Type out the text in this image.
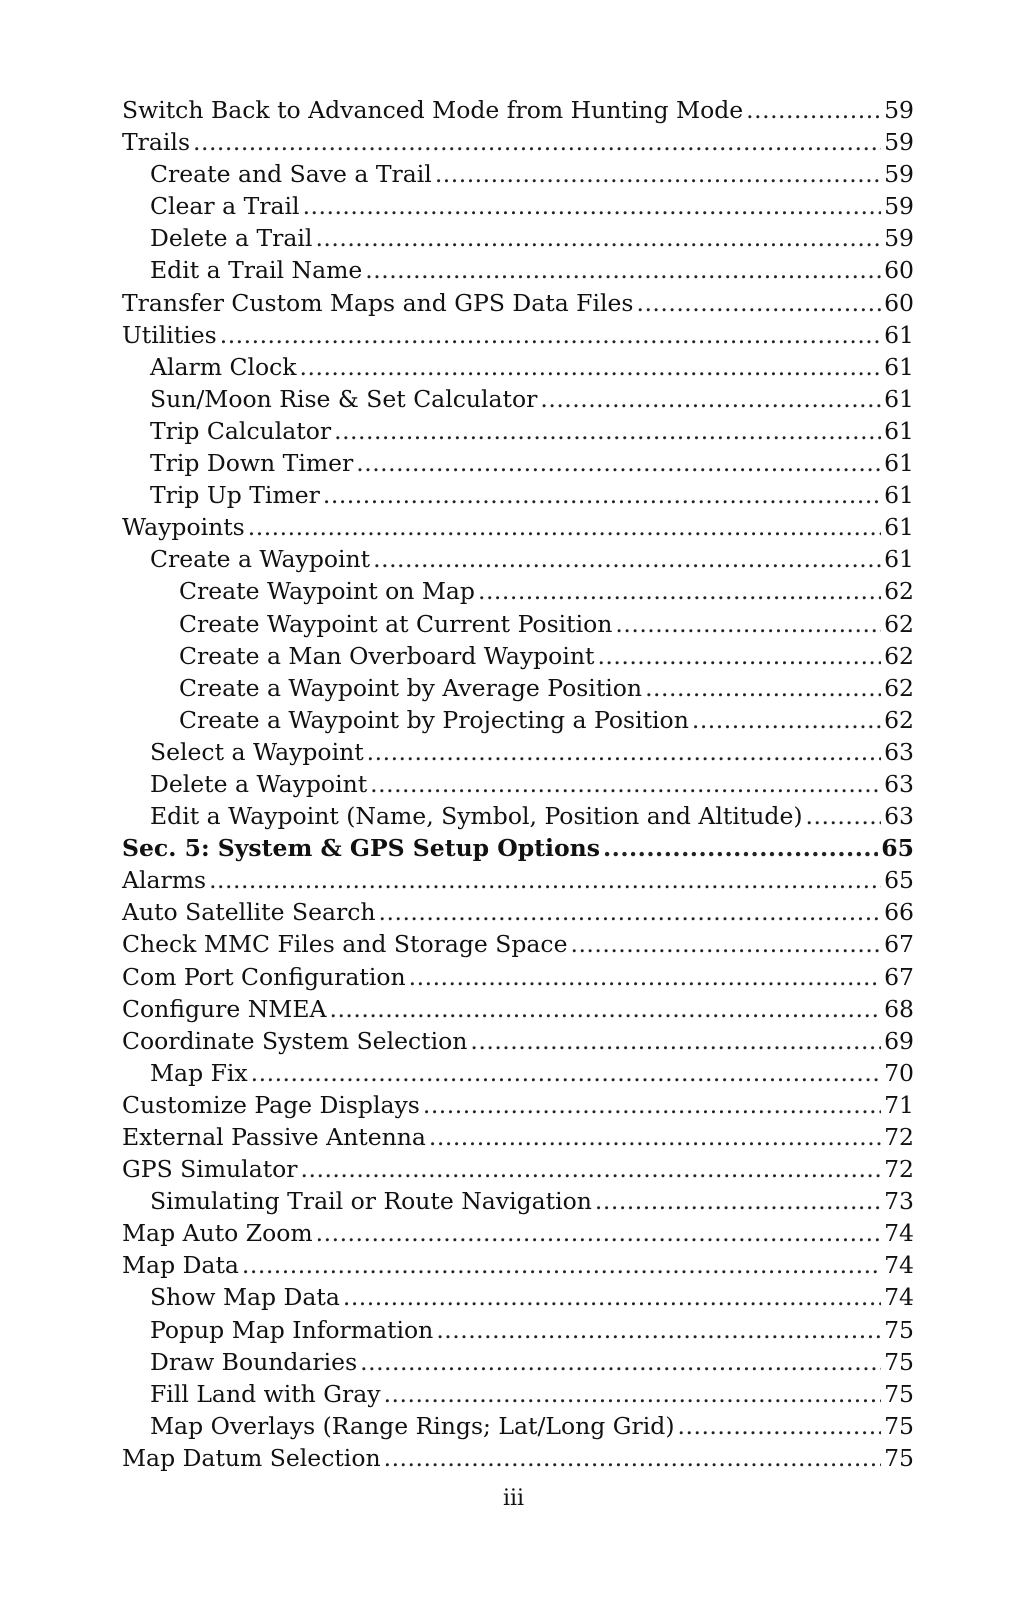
Switch Back to Advanced Mode from Hunting Mode .....	59
Trails .....	59
Create and Save a Trail .....	59
Clear a Trail .....	59
Delete a Trail .....	59
Edit a Trail Name .....	60
Transfer Custom Maps and GPS Data Files .....	60
Utilities .....	61
Alarm Clock .....	61
Sun/Moon Rise & Set Calculator .....	61
Trip Calculator .....	61
Trip Down Timer .....	61
Trip Up Timer .....	61
Waypoints .....	61
Create a Waypoint .....	61
Create Waypoint on Map .....	62
Create Waypoint at Current Position .....	62
Create a Man Overboard Waypoint .....	62
Create a Waypoint by Average Position .....	62
Create a Waypoint by Projecting a Position .....	62
Select a Waypoint .....	63
Delete a Waypoint .....	63
Edit a Waypoint (Name, Symbol, Position and Altitude) .....	63
Sec. 5: System & GPS Setup Options .....	65
Alarms .....	65
Auto Satellite Search .....	66
Check MMC Files and Storage Space .....	67
Com Port Configuration .....	67
Configure NMEA .....	68
Coordinate System Selection .....	69
Map Fix .....	70
Customize Page Displays .....	71
External Passive Antenna .....	72
GPS Simulator .....	72
Simulating Trail or Route Navigation .....	73
Map Auto Zoom .....	74
Map Data .....	74
Show Map Data .....	74
Popup Map Information .....	75
Draw Boundaries .....	75
Fill Land with Gray .....	75
Map Overlays (Range Rings; Lat/Long Grid) .....	75
Map Datum Selection .....	75
iii
